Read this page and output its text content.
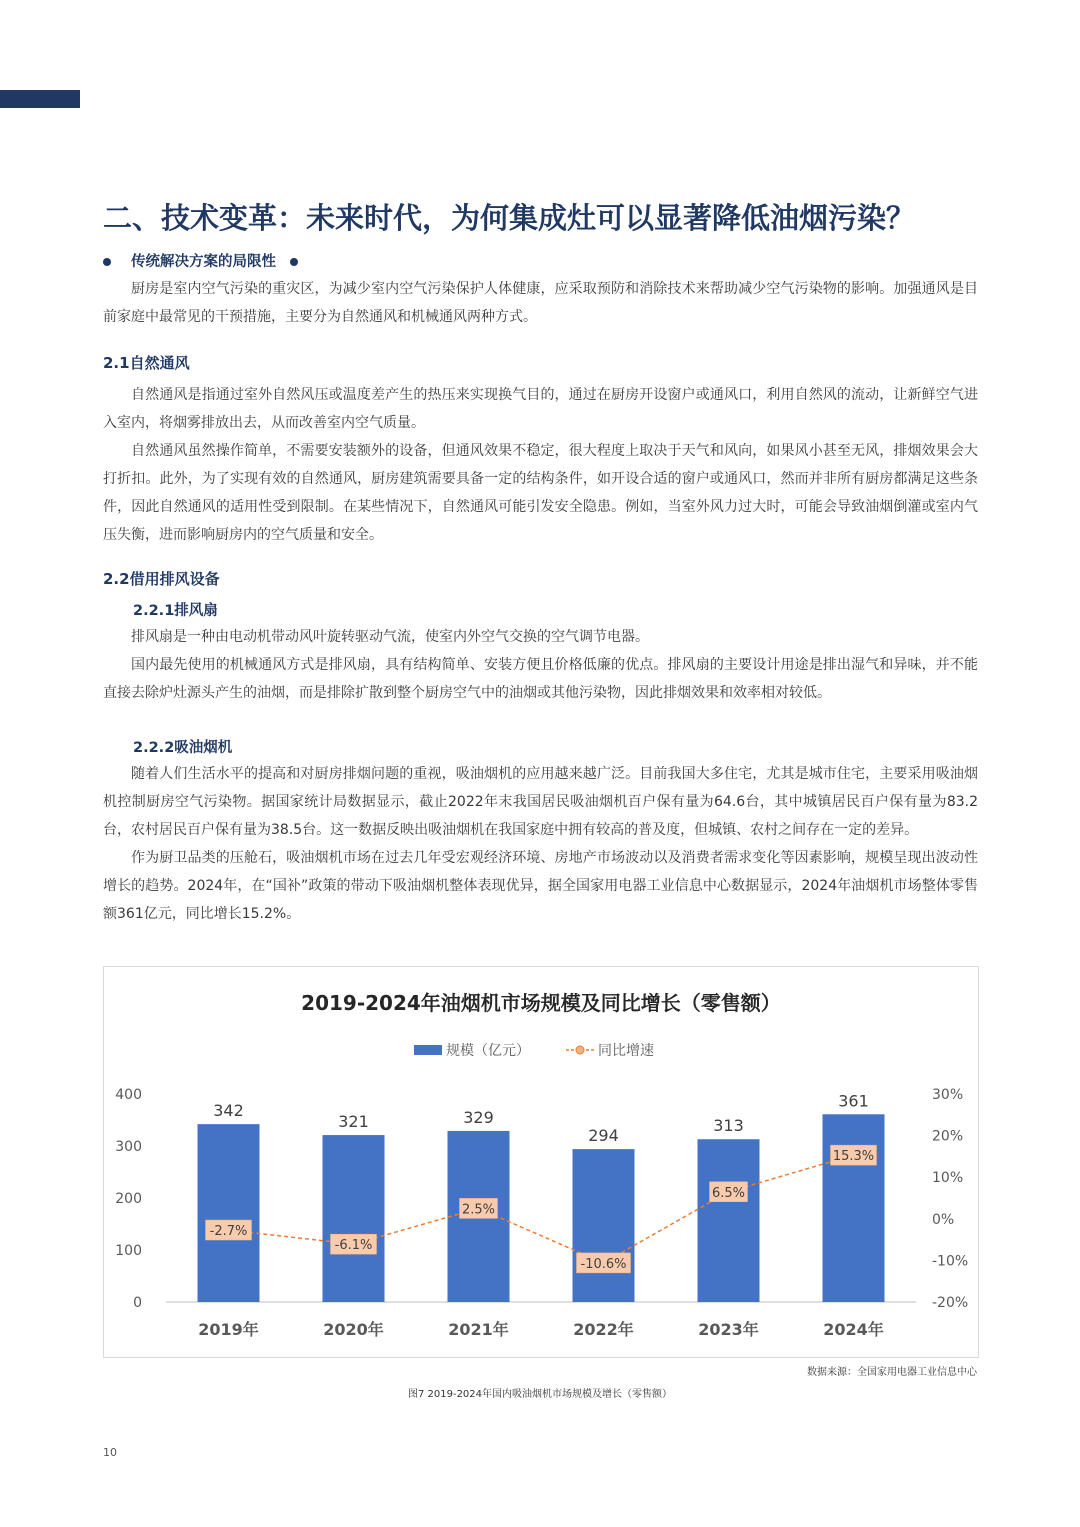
二、技术变革：未来时代，为何集成灶可以显著降低油烟污染？
传统解决方案的局限性

厨房是室内空气污染的重灾区，为减少室内空气污染保护人体健康，应采取预防和消除技术来帮助减少空气污染物的影响。加强通风是目前家庭中最常见的干预措施，主要分为自然通风和机械通风两种方式。

2.1自然通风

自然通风是指通过室外自然风压或温度差产生的热压来实现换气目的，通过在厨房开设窗户或通风口，利用自然风的流动，让新鲜空气进入室内，将烟雾排放出去，从而改善室内空气质量。

自然通风虽然操作简单，不需要安装额外的设备，但通风效果不稳定，很大程度上取决于天气和风向，如果风小甚至无风，排烟效果会大打折扣。此外，为了实现有效的自然通风，厨房建筑需要具备一定的结构条件，如开设合适的窗户或通风口，然而并非所有厨房都满足这些条件，因此自然通风的适用性受到限制。在某些情况下，自然通风可能引发安全隐患。例如，当室外风力过大时，可能会导致油烟倒灌或室内气压失衡，进而影响厨房内的空气质量和安全。

2.2借用排风设备
2.2.1排风扇

排风扇是一种由电动机带动风叶旋转驱动气流，使室内外空气交换的空气调节电器。

国内最先使用的机械通风方式是排风扇，具有结构简单、安装方便且价格低廉的优点。排风扇的主要设计用途是排出湿气和异味，并不能直接去除炉灶源头产生的油烟，而是排除扩散到整个厨房空气中的油烟或其他污染物，因此排烟效果和效率相对较低。

2.2.2吸油烟机

随着人们生活水平的提高和对厨房排烟问题的重视，吸油烟机的应用越来越广泛。目前我国大多住宅，尤其是城市住宅，主要采用吸油烟机控制厨房空气污染物。据国家统计局数据显示，截止2022年末我国居民吸油烟机百户保有量为64.6台，其中城镇居民百户保有量为83.2台，农村居民百户保有量为38.5台。这一数据反映出吸油烟机在我国家庭中拥有较高的普及度，但城镇、农村之间存在一定的差异。

作为厨卫品类的压舱石，吸油烟机市场在过去几年受宏观经济环境、房地产市场波动以及消费者需求变化等因素影响，规模呈现出波动性增长的趋势。2024年，在“国补”政策的带动下吸油烟机整体表现优异，据全国家用电器工业信息中心数据显示，2024年油烟机市场整体零售额361亿元，同比增长15.2%。

2019-2024年油烟机市场规模及同比增长（零售额）
规模（亿元）	同比增速
0
100
200
300
400
-20%
-10%
0%
10%
20%
30%
342
2019年
321
2020年
329
2021年
294
2022年
313
2023年
361
2024年
-2.7%
-6.1%
2.5%
-10.6%
6.5%
15.3%
数据来源：全国家用电器工业信息中心
图7 2019-2024年国内吸油烟机市场规模及增长（零售额）
10
